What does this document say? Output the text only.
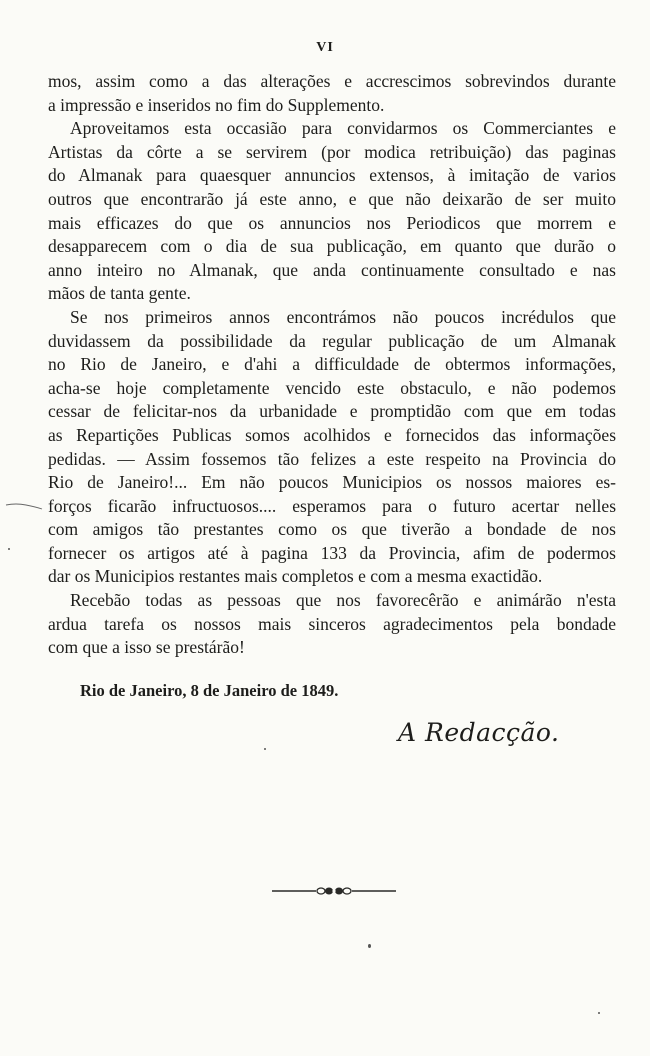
VI
mos, assim como a das alterações e accrescimos sobrevindos durante
a impressão e inseridos no fim do Supplemento.
Aproveitamos esta occasião para convidarmos os Commerciantes e
Artistas da côrte a se servirem (por modica retribuição) das paginas
do Almanak para quaesquer annuncios extensos, à imitação de varios
outros que encontrarão já este anno, e que não deixarão de ser muito
mais efficazes do que os annuncios nos Periodicos que morrem e
desapparecem com o dia de sua publicação, em quanto que durão o
anno inteiro no Almanak, que anda continuamente consultado e nas
mãos de tanta gente.
Se nos primeiros annos encontrámos não poucos incrédulos que
duvidassem da possibilidade da regular publicação de um Almanak
no Rio de Janeiro, e d'ahi a difficuldade de obtermos informações,
acha-se hoje completamente vencido este obstaculo, e não podemos
cessar de felicitar-nos da urbanidade e promptidão com que em todas
as Repartições Publicas somos acolhidos e fornecidos das informações
pedidas. — Assim fossemos tão felizes a este respeito na Provincia do
Rio de Janeiro!... Em não poucos Municipios os nossos maiores es-
forços ficarão infructuosos.... esperamos para o futuro acertar nelles
com amigos tão prestantes como os que tiverão a bondade de nos
fornecer os artigos até à pagina 133 da Provincia, afim de podermos
dar os Municipios restantes mais completos e com a mesma exactidão.
Recebão todas as pessoas que nos favorecêrão e animárão n'esta
ardua tarefa os nossos mais sinceros agradecimentos pela bondade
com que a isso se prestárão!
Rio de Janeiro, 8 de Janeiro de 1849.
A Redacção.
